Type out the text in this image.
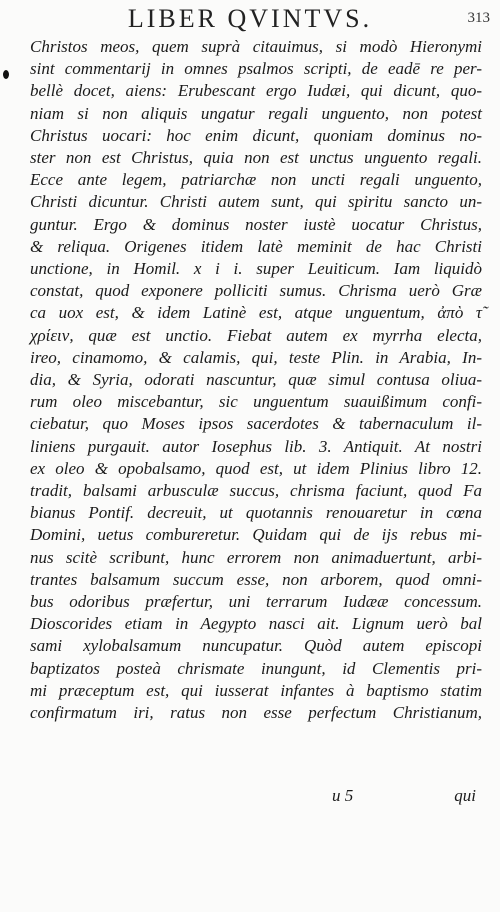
LIBER QVINTVS.	313
Christos meos, quem suprà citauimus, si modò Hieronymi
sint commentarij in omnes psalmos scripti, de eadē re per-
bellè docet, aiens: Erubescant ergo Iudæi, qui dicunt, quo-
niam si non aliquis ungatur regali unguento, non potest
Christus uocari: hoc enim dicunt, quoniam dominus no-
ster non est Christus, quia non est unctus unguento regali.
Ecce ante legem, patriarchæ non uncti regali unguento,
Christi dicuntur. Christi autem sunt, qui spiritu sancto un-
guntur. Ergo & dominus noster iustè uocatur Christus,
& reliqua. Origenes itidem latè meminit de hac Christi
unctione, in Homil. x i i. super Leuiticum. Iam liquidò
constat, quod exponere polliciti sumus. Chrisma uerò Græ
ca uox est, & idem Latinè est, atque unguentum, ἀπὸ τ̃
χρίειν, quæ est unctio. Fiebat autem ex myrrha electa,
ireo, cinamomo, & calamis, qui, teste Plin. in Arabia, In-
dia, & Syria, odorati nascuntur, quæ simul contusa oliua-
rum oleo miscebantur, sic unguentum suauißimum confi-
ciebatur, quo Moses ipsos sacerdotes & tabernaculum il-
liniens purgauit. autor Iosephus lib. 3. Antiquit. At nostri
ex oleo & opobalsamo, quod est, ut idem Plinius libro 12.
tradit, balsami arbusculæ succus, chrisma faciunt, quod Fa
bianus Pontif. decreuit, ut quotannis renouaretur in cœna
Domini, uetus combureretur. Quidam qui de ijs rebus mi-
nus scitè scribunt, hunc errorem non animaduertunt, arbi-
trantes balsamum succum esse, non arborem, quod omni-
bus odoribus præfertur, uni terrarum Iudææ concessum.
Dioscorides etiam in Aegypto nasci ait. Lignum uerò bal
sami xylobalsamum nuncupatur. Quòd autem episcopi
baptizatos posteà chrismate inungunt, id Clementis pri-
mi præceptum est, qui iusserat infantes à baptismo statim
confirmatum iri, ratus non esse perfectum Christianum,
u 5	qui
